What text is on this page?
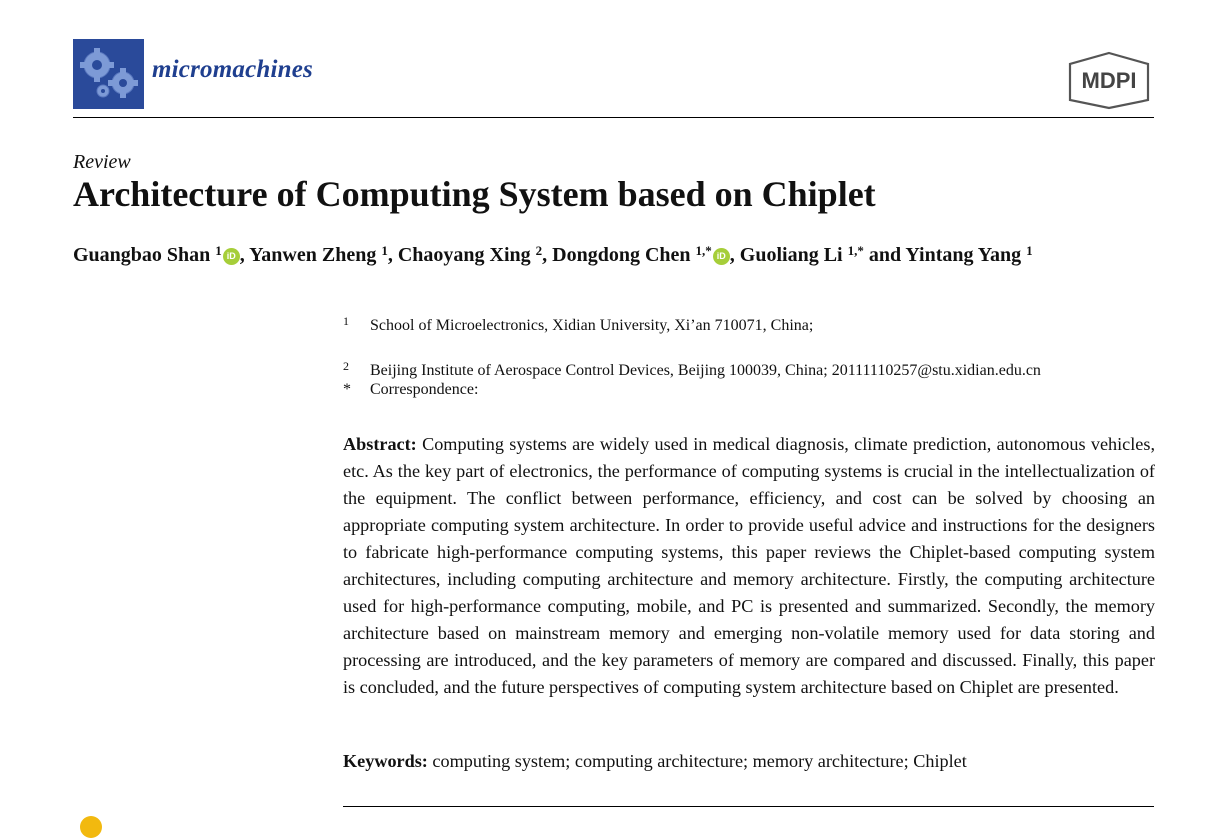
micromachines	MDPI
Review
Architecture of Computing System based on Chiplet
Guangbao Shan $^1$ iD , Yanwen Zheng $^1$, Chaoyang Xing $^2$, Dongdong Chen $^{1,*}$ iD , Guoliang Li $^{1,*}$ and Yintang Yang $^1$
1 School of Microelectronics, Xidian University, Xi’an 710071, China;
2 Beijing Institute of Aerospace Control Devices, Beijing 100039, China; 20111110257@stu.xidian.edu.cn
* Correspondence:
Abstract: Computing systems are widely used in medical diagnosis, climate prediction, autonomous vehicles, etc. As the key part of electronics, the performance of computing systems is crucial in the intellectualization of the equipment. The conflict between performance, efficiency, and cost can be solved by choosing an appropriate computing system architecture. In order to provide useful advice and instructions for the designers to fabricate high-performance computing systems, this paper reviews the Chiplet-based computing system architectures, including computing architecture and memory architecture. Firstly, the computing architecture used for high-performance computing, mobile, and PC is presented and summarized. Secondly, the memory architecture based on mainstream memory and emerging non-volatile memory used for data storing and processing are introduced, and the key parameters of memory are compared and discussed. Finally, this paper is concluded, and the future perspectives of computing system architecture based on Chiplet are presented.
Keywords: computing system; computing architecture; memory architecture; Chiplet
